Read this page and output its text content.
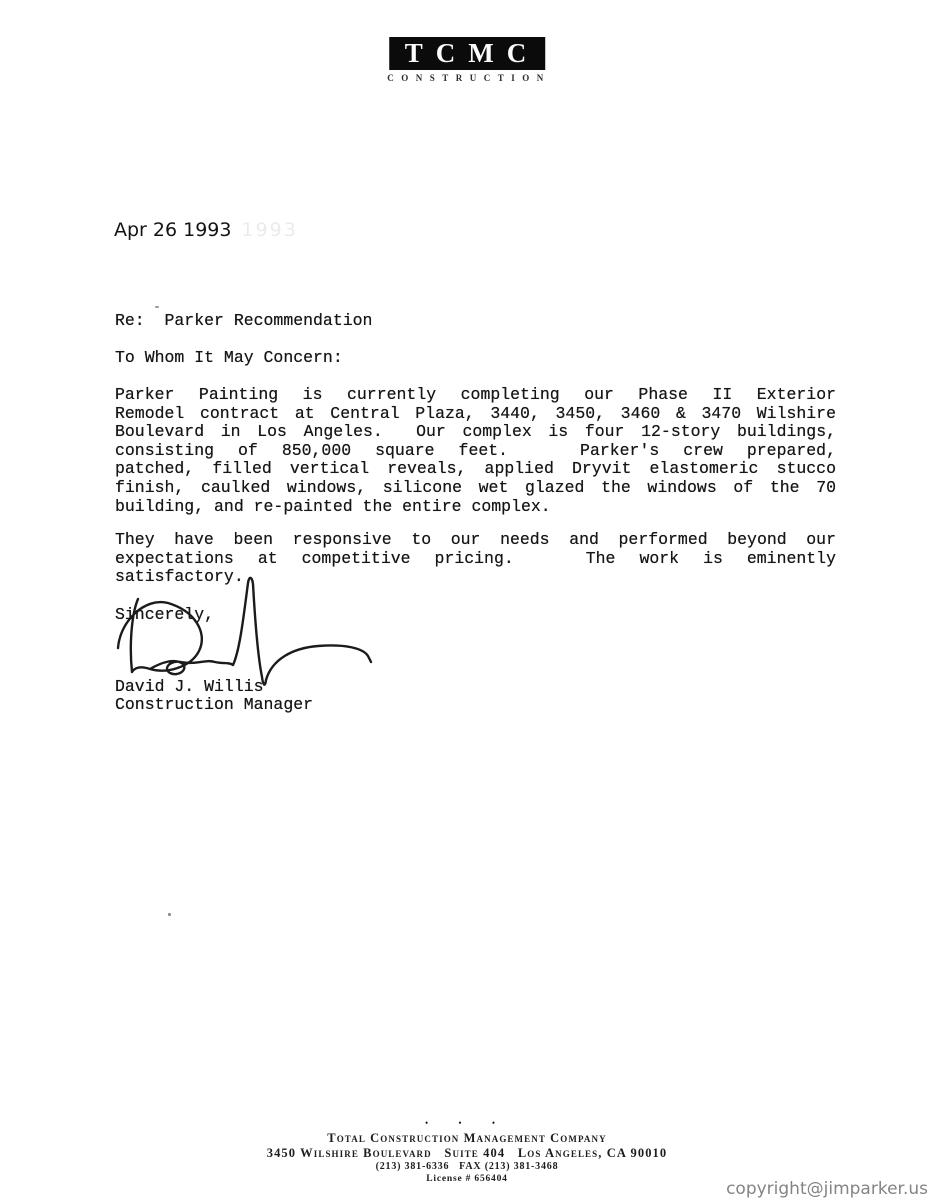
TCMC
CONSTRUCTION
Apr 26 1993 1993
Re:  Parker Recommendation
To Whom It May Concern:
Parker Painting is currently completing our Phase II Exterior
Remodel contract at Central Plaza, 3440, 3450, 3460 & 3470 Wilshire
Boulevard in Los Angeles.  Our complex is four 12-story buildings,
consisting of 850,000 square feet.   Parker's crew prepared,
patched, filled vertical reveals, applied Dryvit elastomeric stucco
finish, caulked windows, silicone wet glazed the windows of the 70
building, and re-painted the entire complex.
They have been responsive to our needs and performed beyond our
expectations at competitive pricing.   The work is eminently
satisfactory.
Sincerely,
David J. Willis
Construction Manager
• • •
Total Construction Management Company
3450 Wilshire Boulevard   Suite 404   Los Angeles, CA 90010
(213) 381-6336   FAX (213) 381-3468
License # 656404	copyright@jimparker.us
